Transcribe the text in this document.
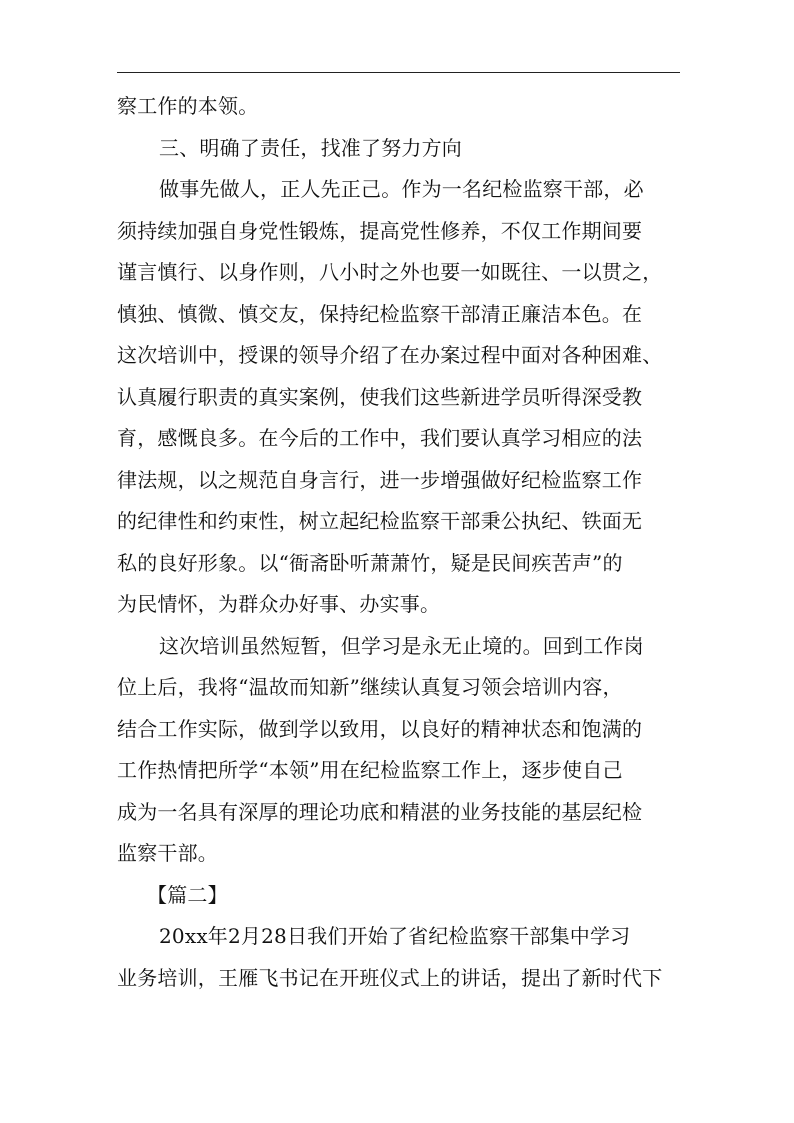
察工作的本领。
三、明确了责任，找准了努力方向
做事先做人，正人先正己。作为一名纪检监察干部，必
须持续加强自身党性锻炼，提高党性修养，不仅工作期间要
谨言慎行、以身作则，八小时之外也要一如既往、一以贯之，
慎独、慎微、慎交友，保持纪检监察干部清正廉洁本色。在
这次培训中，授课的领导介绍了在办案过程中面对各种困难、
认真履行职责的真实案例，使我们这些新进学员听得深受教
育，感慨良多。在今后的工作中，我们要认真学习相应的法
律法规，以之规范自身言行，进一步增强做好纪检监察工作
的纪律性和约束性，树立起纪检监察干部秉公执纪、铁面无
私的良好形象。以“衙斋卧听萧萧竹，疑是民间疾苦声”的
为民情怀，为群众办好事、办实事。
这次培训虽然短暂，但学习是永无止境的。回到工作岗
位上后，我将“温故而知新”继续认真复习领会培训内容，
结合工作实际，做到学以致用，以良好的精神状态和饱满的
工作热情把所学“本领”用在纪检监察工作上，逐步使自己
成为一名具有深厚的理论功底和精湛的业务技能的基层纪检
监察干部。
【篇二】
20xx年2月28日我们开始了省纪检监察干部集中学习
业务培训，王雁飞书记在开班仪式上的讲话，提出了新时代下
